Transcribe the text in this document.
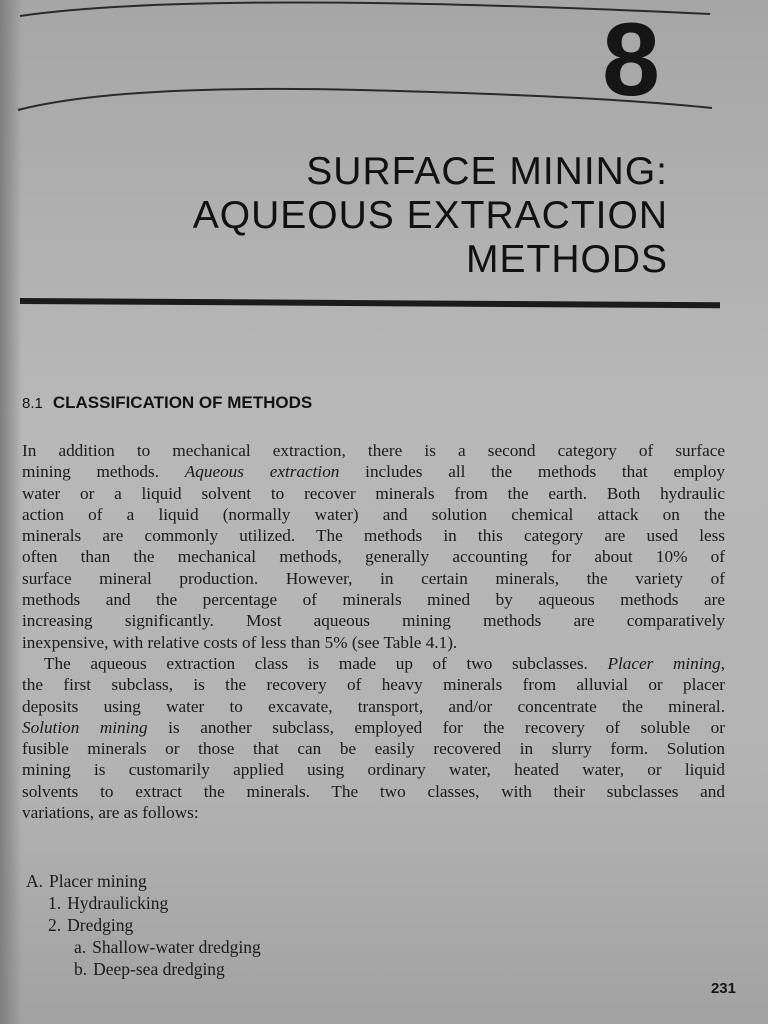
8
SURFACE MINING:
AQUEOUS EXTRACTION
METHODS
8.1 CLASSIFICATION OF METHODS
In addition to mechanical extraction, there is a second category of surface
mining methods. Aqueous extraction includes all the methods that employ
water or a liquid solvent to recover minerals from the earth. Both hydraulic
action of a liquid (normally water) and solution chemical attack on the
minerals are commonly utilized. The methods in this category are used less
often than the mechanical methods, generally accounting for about 10% of
surface mineral production. However, in certain minerals, the variety of
methods and the percentage of minerals mined by aqueous methods are
increasing significantly. Most aqueous mining methods are comparatively
inexpensive, with relative costs of less than 5% (see Table 4.1).
The aqueous extraction class is made up of two subclasses. Placer mining,
the first subclass, is the recovery of heavy minerals from alluvial or placer
deposits using water to excavate, transport, and/or concentrate the mineral.
Solution mining is another subclass, employed for the recovery of soluble or
fusible minerals or those that can be easily recovered in slurry form. Solution
mining is customarily applied using ordinary water, heated water, or liquid
solvents to extract the minerals. The two classes, with their subclasses and
variations, are as follows:
A. Placer mining
1. Hydraulicking
2. Dredging
a. Shallow-water dredging
b. Deep-sea dredging
231
